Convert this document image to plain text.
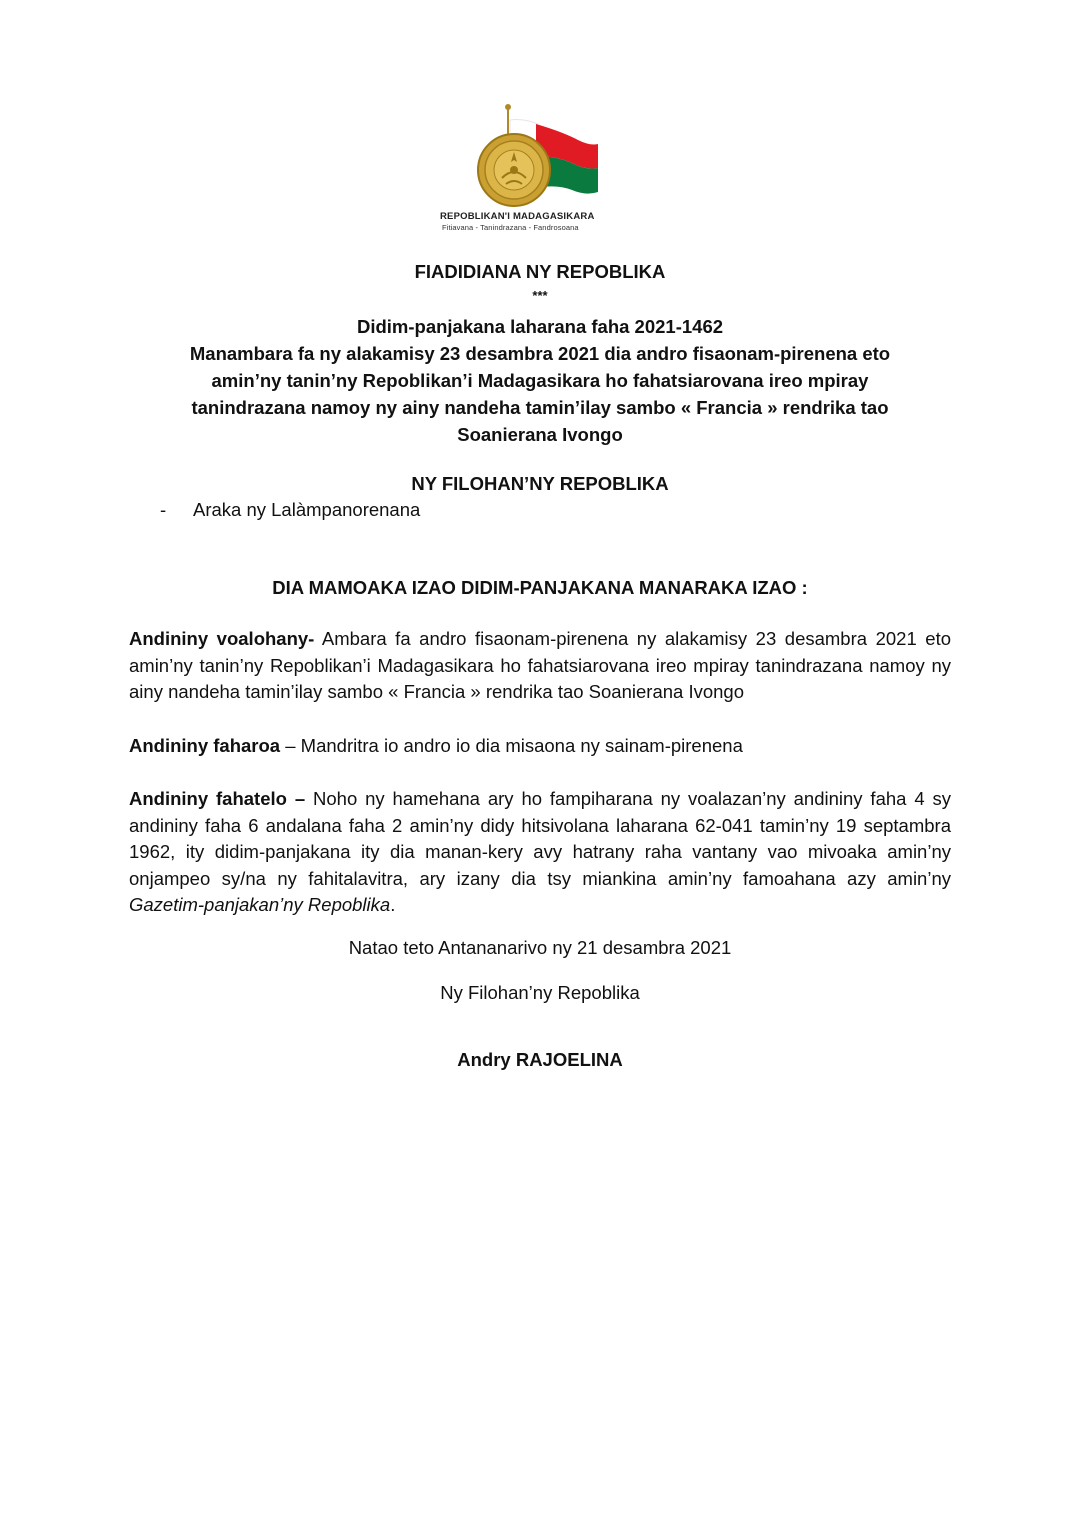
REPOBLIKAN'I MADAGASIKARA
Fitiavana - Tanindrazana - Fandrosoana
FIADIDIANA NY REPOBLIKA
***
Didim-panjakana laharana faha 2021-1462
Manambara fa ny alakamisy 23 desambra 2021 dia andro fisaonam-pirenena eto
amin’ny tanin’ny Repoblikan’i Madagasikara ho fahatsiarovana ireo mpiray
tanindrazana namoy ny ainy nandeha tamin’ilay sambo « Francia » rendrika tao
Soanierana Ivongo
NY FILOHAN’NY REPOBLIKA
- Araka ny Lalàmpanorenana
DIA MAMOAKA IZAO DIDIM-PANJAKANA MANARAKA IZAO :
Andininy voalohany- Ambara fa andro fisaonam-pirenena ny alakamisy 23 desambra 2021 eto amin’ny tanin’ny Repoblikan’i Madagasikara ho fahatsiarovana ireo mpiray tanindrazana namoy ny ainy nandeha tamin’ilay sambo « Francia » rendrika tao Soanierana Ivongo
Andininy faharoa – Mandritra io andro io dia misaona ny sainam-pirenena
Andininy fahatelo – Noho ny hamehana ary ho fampiharana ny voalazan’ny andininy faha 4 sy andininy faha 6 andalana faha 2 amin’ny didy hitsivolana laharana 62-041 tamin’ny 19 septambra 1962, ity didim-panjakana ity dia manan-kery avy hatrany raha vantany vao mivoaka amin’ny onjampeo sy/na ny fahitalavitra, ary izany dia tsy miankina amin’ny famoahana azy amin’ny Gazetim-panjakan’ny Repoblika.
Natao teto Antananarivo ny 21 desambra 2021
Ny Filohan’ny Repoblika
Andry RAJOELINA
